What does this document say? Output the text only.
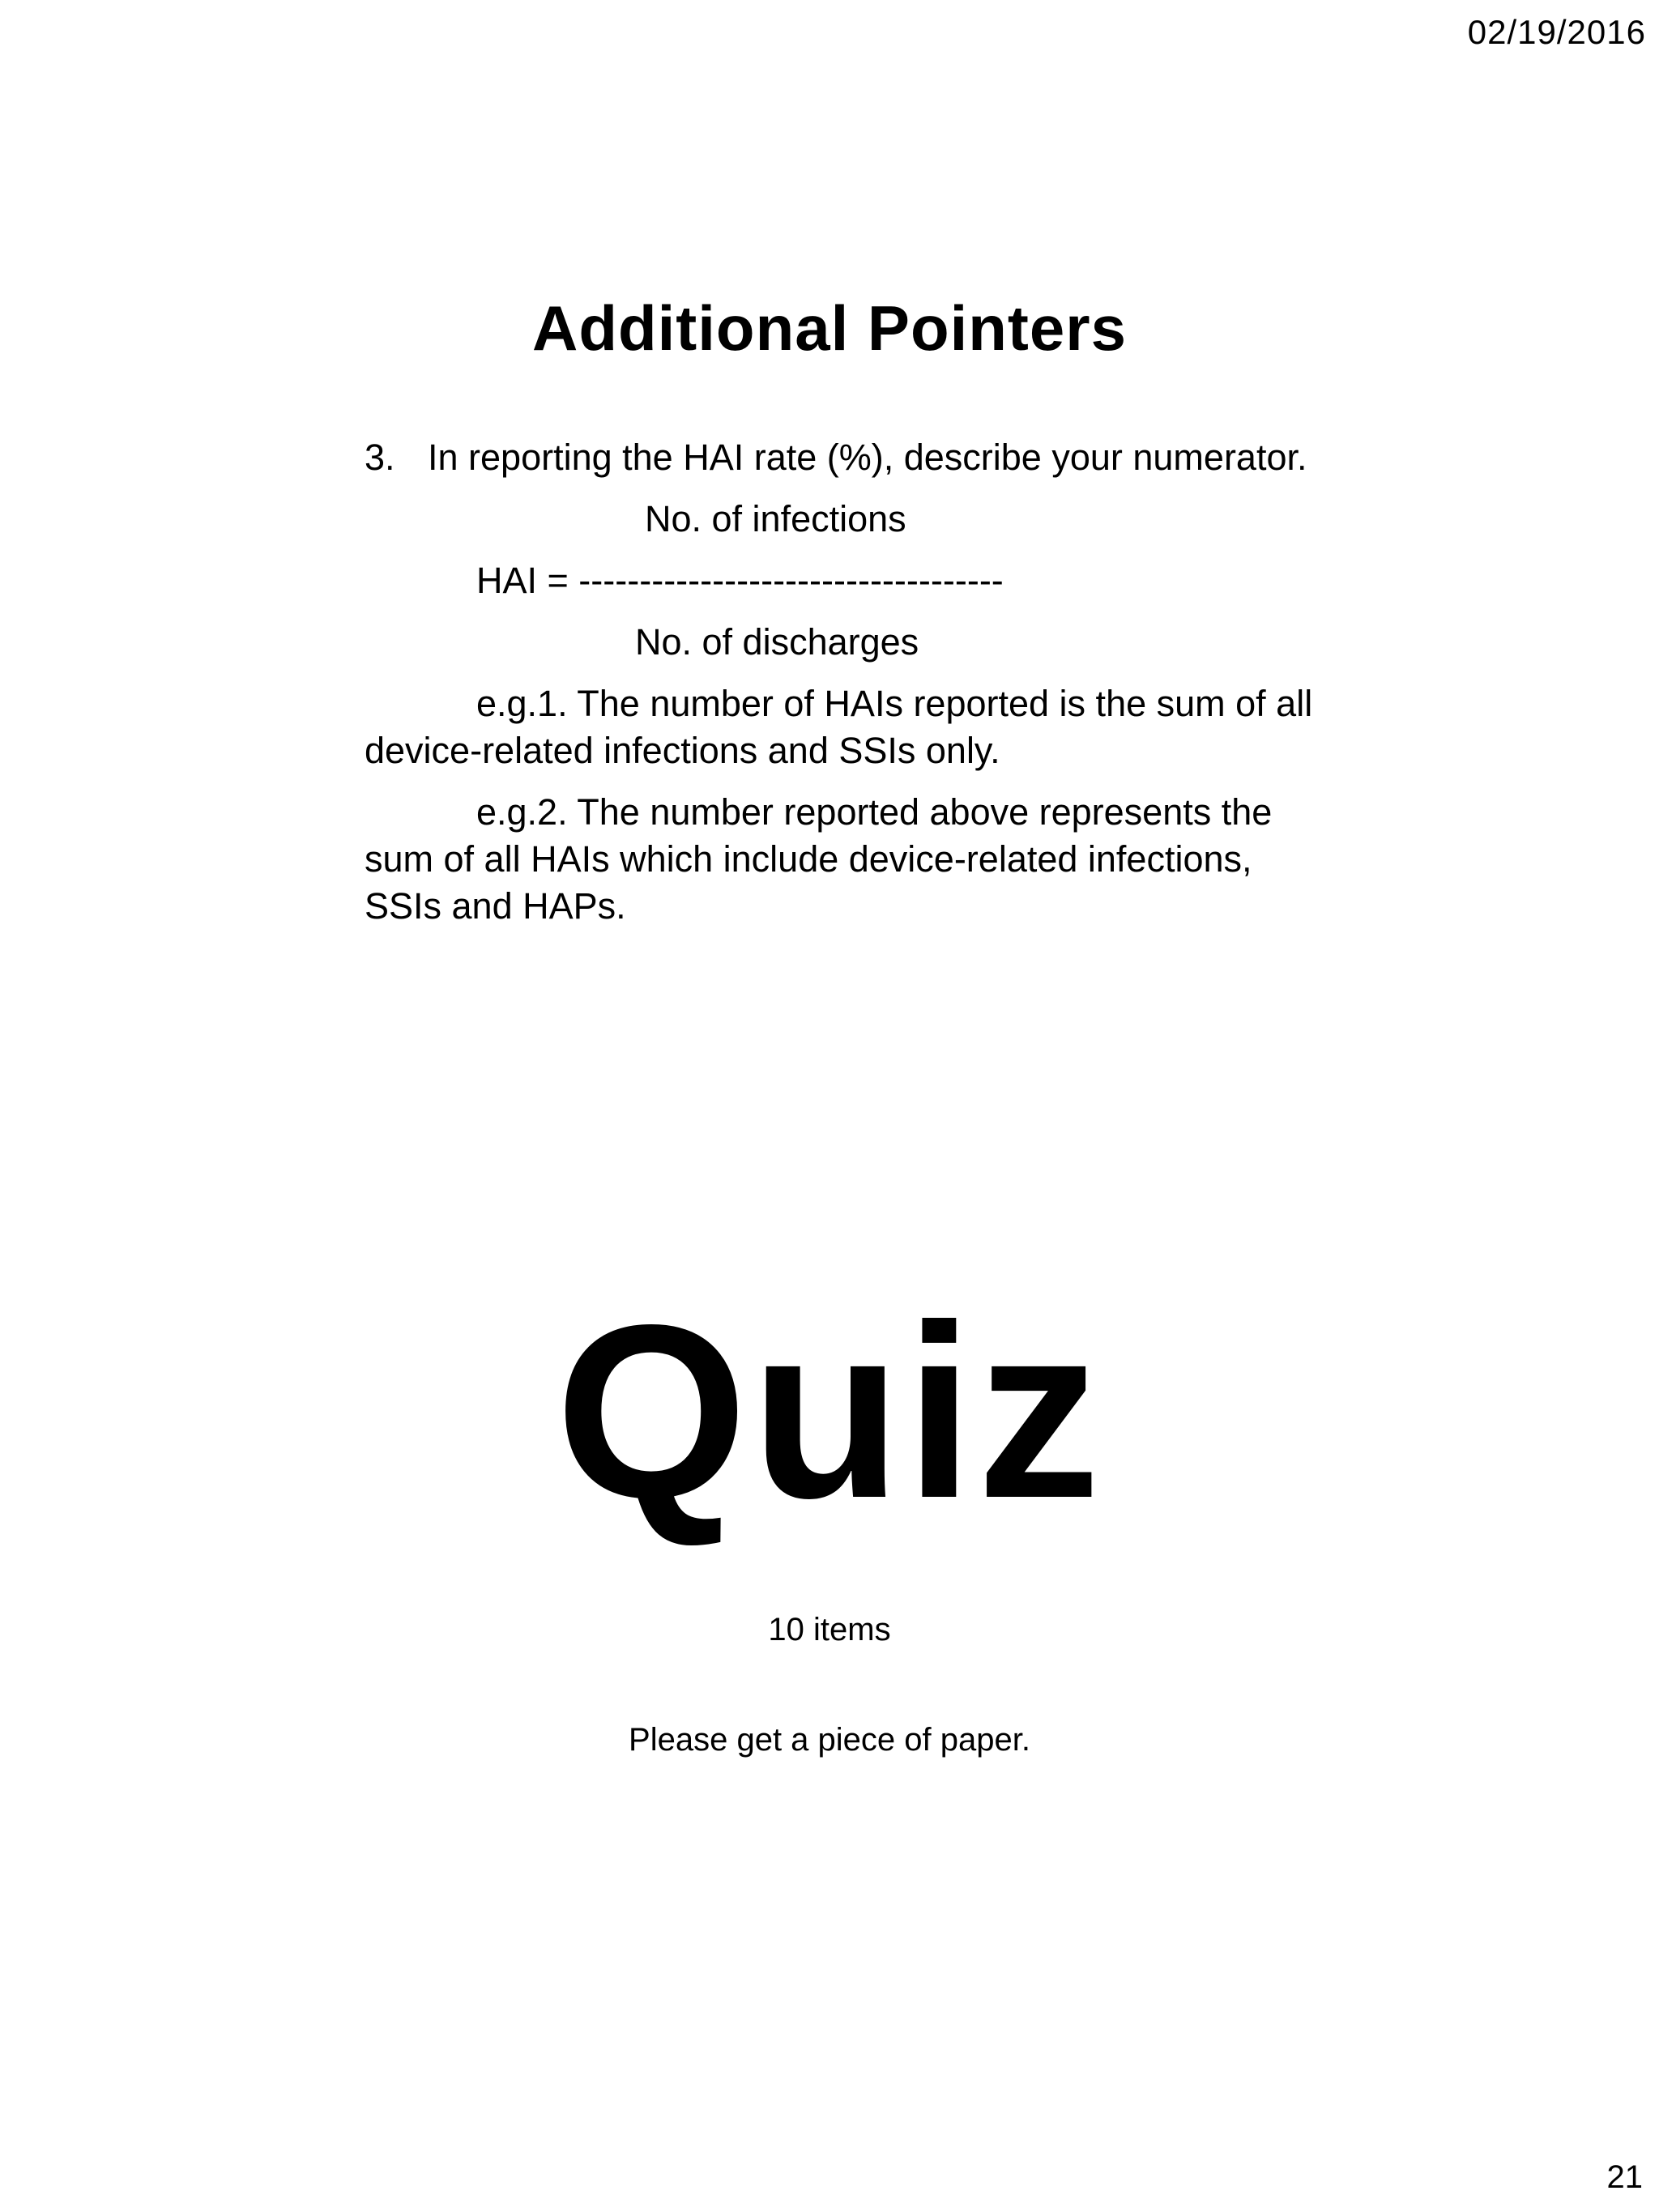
02/19/2016
Additional Pointers
3. In reporting the HAI rate (%), describe your numerator.
No. of infections
HAI = -----------------------------------
No. of discharges
e.g.1. The number of HAIs reported is the sum of all device-related infections and SSIs only.
e.g.2. The number reported above represents the sum of all HAIs which include device-related infections, SSIs and HAPs.
Quiz
10 items
Please get a piece of paper.
21
